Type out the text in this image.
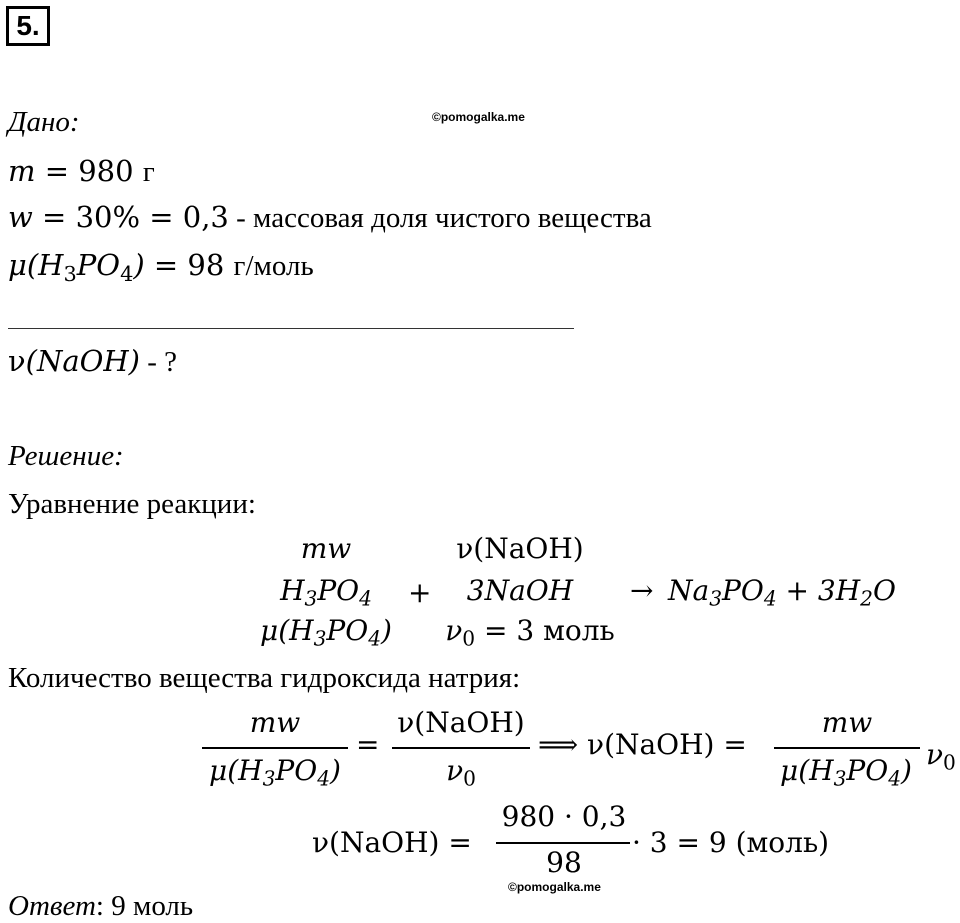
5.
©pomogalka.me
©pomogalka.me
Дано:
m = 980 г
w = 30% = 0,3 - массовая доля чистого вещества
$\mu(H_3PO_4) = 98$ г/моль
ν(NaOH) - ?
Решение:
Уравнение реакции:
mw
$H_3PO_4$
$\mu(H_3PO_4)$
+
ν(NaOH)
3NaOH
$\nu_0 = 3$ моль
→ $Na_3PO_4 + 3H_2O$
Количество вещества гидроксида натрия:
mw
$\mu(H_3PO_4)$
=
ν(NaOH)
$\nu_0$
⟹ ν(NaOH) =
mw
$\mu(H_3PO_4)$ $\nu_0$
ν(NaOH) =
980 · 0,3
98
· 3 = 9 (моль)
Ответ: 9 моль
